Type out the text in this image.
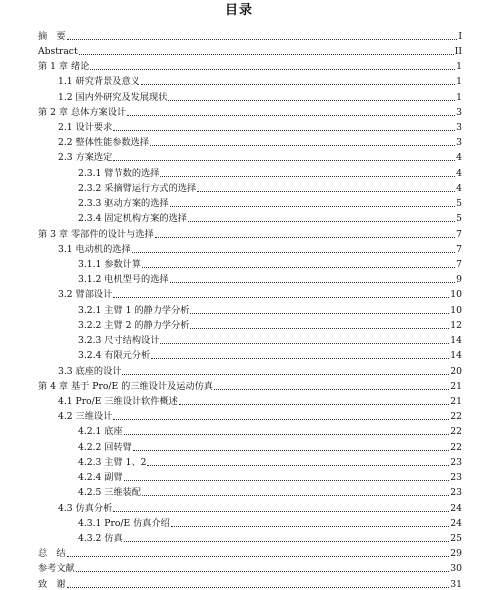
目录
摘　要	I
Abstract	II
第 1 章 绪论	1
1.1 研究背景及意义	1
1.2 国内外研究及发展现状	1
第 2 章 总体方案设计	3
2.1 设计要求	3
2.2 整体性能参数选择	3
2.3 方案选定	4
2.3.1 臂节数的选择	4
2.3.2 采摘臂运行方式的选择	4
2.3.3 驱动方案的选择	5
2.3.4 固定机构方案的选择	5
第 3 章 零部件的设计与选择	7
3.1 电动机的选择	7
3.1.1 参数计算	7
3.1.2 电机型号的选择	9
3.2 臂部设计	10
3.2.1 主臂 1 的静力学分析	10
3.2.2 主臂 2 的静力学分析	12
3.2.3 尺寸结构设计	14
3.2.4 有限元分析	14
3.3 底座的设计	20
第 4 章 基于 Pro/E 的三维设计及运动仿真	21
4.1 Pro/E 三维设计软件概述	21
4.2 三维设计	22
4.2.1 底座	22
4.2.2 回转臂	22
4.2.3 主臂 1、2	23
4.2.4 副臂	23
4.2.5 三维装配	23
4.3 仿真分析	24
4.3.1 Pro/E 仿真介绍	24
4.3.2 仿真	25
总　结	29
参考文献	30
致　谢	31
